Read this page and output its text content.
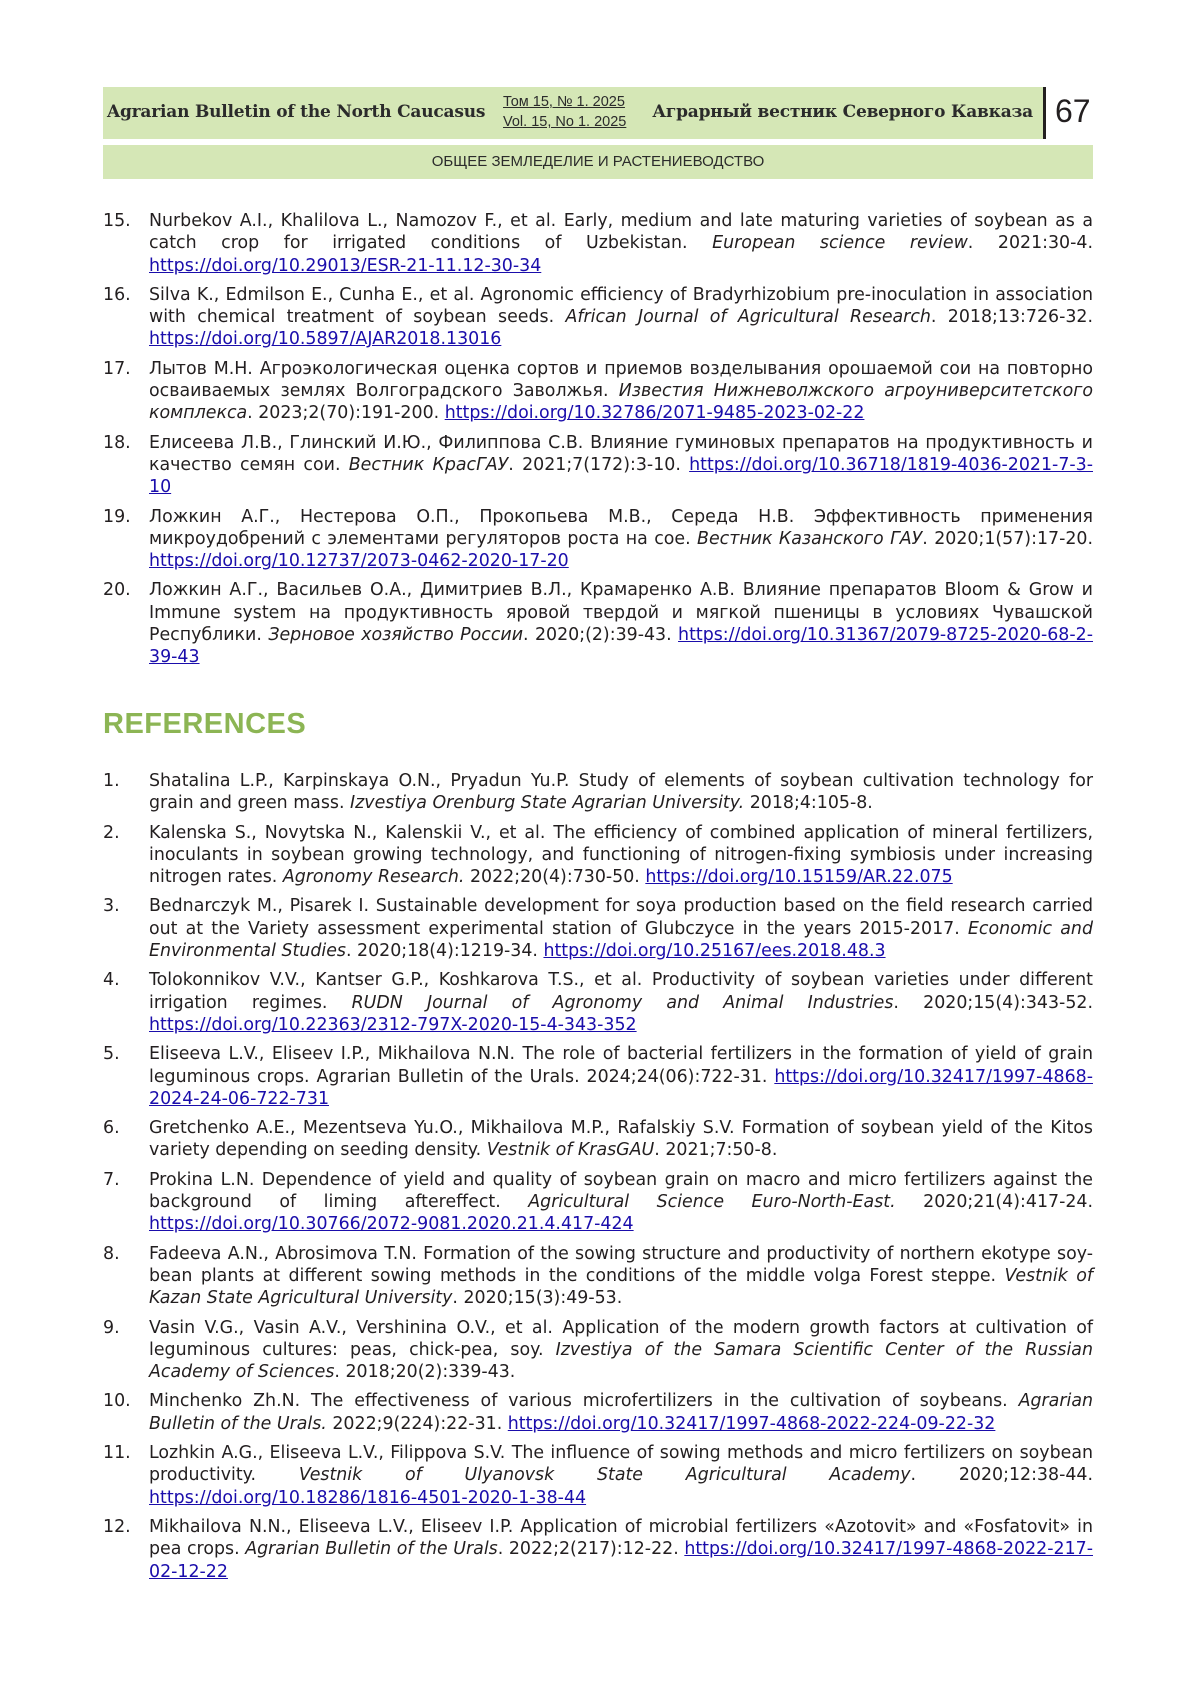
Agrarian Bulletin of the North Caucasus Том 15, № 1. 2025
Vol. 15, No 1. 2025 Аграрный вестник Северного Кавказа 67
ОБЩЕЕ ЗЕМЛЕДЕЛИЕ И РАСТЕНИЕВОДСТВО
15. Nurbekov A.I., Khalilova L., Namozov F., et al. Early, medium and late maturing varieties of soybean as a catch crop for irrigated conditions of Uzbekistan. European science review. 2021:30-4. https://doi.org/10.29013/ESR-21-11.12-30-34
16. Silva K., Edmilson E., Cunha E., et al. Agronomic efficiency of Bradyrhizobium pre-inoculation in association with chemical treatment of soybean seeds. African Journal of Agricultural Research. 2018;13:726-32. https://doi.org/10.5897/AJAR2018.13016
17. Лытов М.Н. Агроэкологическая оценка сортов и приемов возделывания орошаемой сои на повторно осваиваемых землях Волгоградского Заволжья. Известия Нижневолжского агроуниверситетского комплекса. 2023;2(70):191-200. https://doi.org/10.32786/2071-9485-2023-02-22
18. Елисеева Л.В., Глинский И.Ю., Филиппова С.В. Влияние гуминовых препаратов на продуктивность и качество семян сои. Вестник КрасГАУ. 2021;7(172):3-10. https://doi.org/10.36718/1819-4036-2021-7-3-10
19. Ложкин А.Г., Нестерова О.П., Прокопьева М.В., Середа Н.В. Эффективность применения микроудобрений с элементами регуляторов роста на сое. Вестник Казанского ГАУ. 2020;1(57):17-20. https://doi.org/10.12737/2073-0462-2020-17-20
20. Ложкин А.Г., Васильев О.А., Димитриев В.Л., Крамаренко А.В. Влияние препаратов Bloom & Grow и Immune system на продуктивность яровой твердой и мягкой пшеницы в условиях Чувашской Республики. Зерновое хозяйство России. 2020;(2):39-43. https://doi.org/10.31367/2079-8725-2020-68-2-39-43
REFERENCES
1. Shatalina L.P., Karpinskaya O.N., Pryadun Yu.P. Study of elements of soybean cultivation technology for grain and green mass. Izvestiya Orenburg State Agrarian University. 2018;4:105-8.
2. Kalenska S., Novytska N., Kalenskii V., et al. The efficiency of combined application of mineral fertilizers, inoculants in soybean growing technology, and functioning of nitrogen-fixing symbiosis under increasing nitrogen rates. Agronomy Research. 2022;20(4):730-50. https://doi.org/10.15159/AR.22.075
3. Bednarczyk M., Pisarek I. Sustainable development for soya production based on the field research carried out at the Variety assessment experimental station of Glubczyce in the years 2015-2017. Economic and Environmental Studies. 2020;18(4):1219-34. https://doi.org/10.25167/ees.2018.48.3
4. Tolokonnikov V.V., Kantser G.P., Koshkarova T.S., et al. Productivity of soybean varieties under different irrigation regimes. RUDN Journal of Agronomy and Animal Industries. 2020;15(4):343-52. https://doi.org/10.22363/2312-797X-2020-15-4-343-352
5. Eliseeva L.V., Eliseev I.P., Mikhailova N.N. The role of bacterial fertilizers in the formation of yield of grain leguminous crops. Agrarian Bulletin of the Urals. 2024;24(06):722-31. https://doi.org/10.32417/1997-4868-2024-24-06-722-731
6. Gretchenko A.E., Mezentseva Yu.O., Mikhailova M.P., Rafalskiy S.V. Formation of soybean yield of the Kitos variety depending on seeding density. Vestnik of KrasGAU. 2021;7:50-8.
7. Prokina L.N. Dependence of yield and quality of soybean grain on macro and micro fertilizers against the background of liming aftereffect. Agricultural Science Euro-North-East. 2020;21(4):417-24. https://doi.org/10.30766/2072-9081.2020.21.4.417-424
8. Fadeeva A.N., Abrosimova T.N. Formation of the sowing structure and productivity of northern ekotype soy-bean plants at different sowing methods in the conditions of the middle volga Forest steppe. Vestnik of Kazan State Agricultural University. 2020;15(3):49-53.
9. Vasin V.G., Vasin A.V., Vershinina O.V., et al. Application of the modern growth factors at cultivation of leguminous cultures: peas, chick-pea, soy. Izvestiya of the Samara Scientific Center of the Russian Academy of Sciences. 2018;20(2):339-43.
10. Minchenko Zh.N. The effectiveness of various microfertilizers in the cultivation of soybeans. Agrarian Bulletin of the Urals. 2022;9(224):22-31. https://doi.org/10.32417/1997-4868-2022-224-09-22-32
11. Lozhkin A.G., Eliseeva L.V., Filippova S.V. The influence of sowing methods and micro fertilizers on soybean productivity. Vestnik of Ulyanovsk State Agricultural Academy. 2020;12:38-44. https://doi.org/10.18286/1816-4501-2020-1-38-44
12. Mikhailova N.N., Eliseeva L.V., Eliseev I.P. Application of microbial fertilizers «Azotovit» and «Fosfatovit» in pea crops. Agrarian Bulletin of the Urals. 2022;2(217):12-22. https://doi.org/10.32417/1997-4868-2022-217-02-12-22
